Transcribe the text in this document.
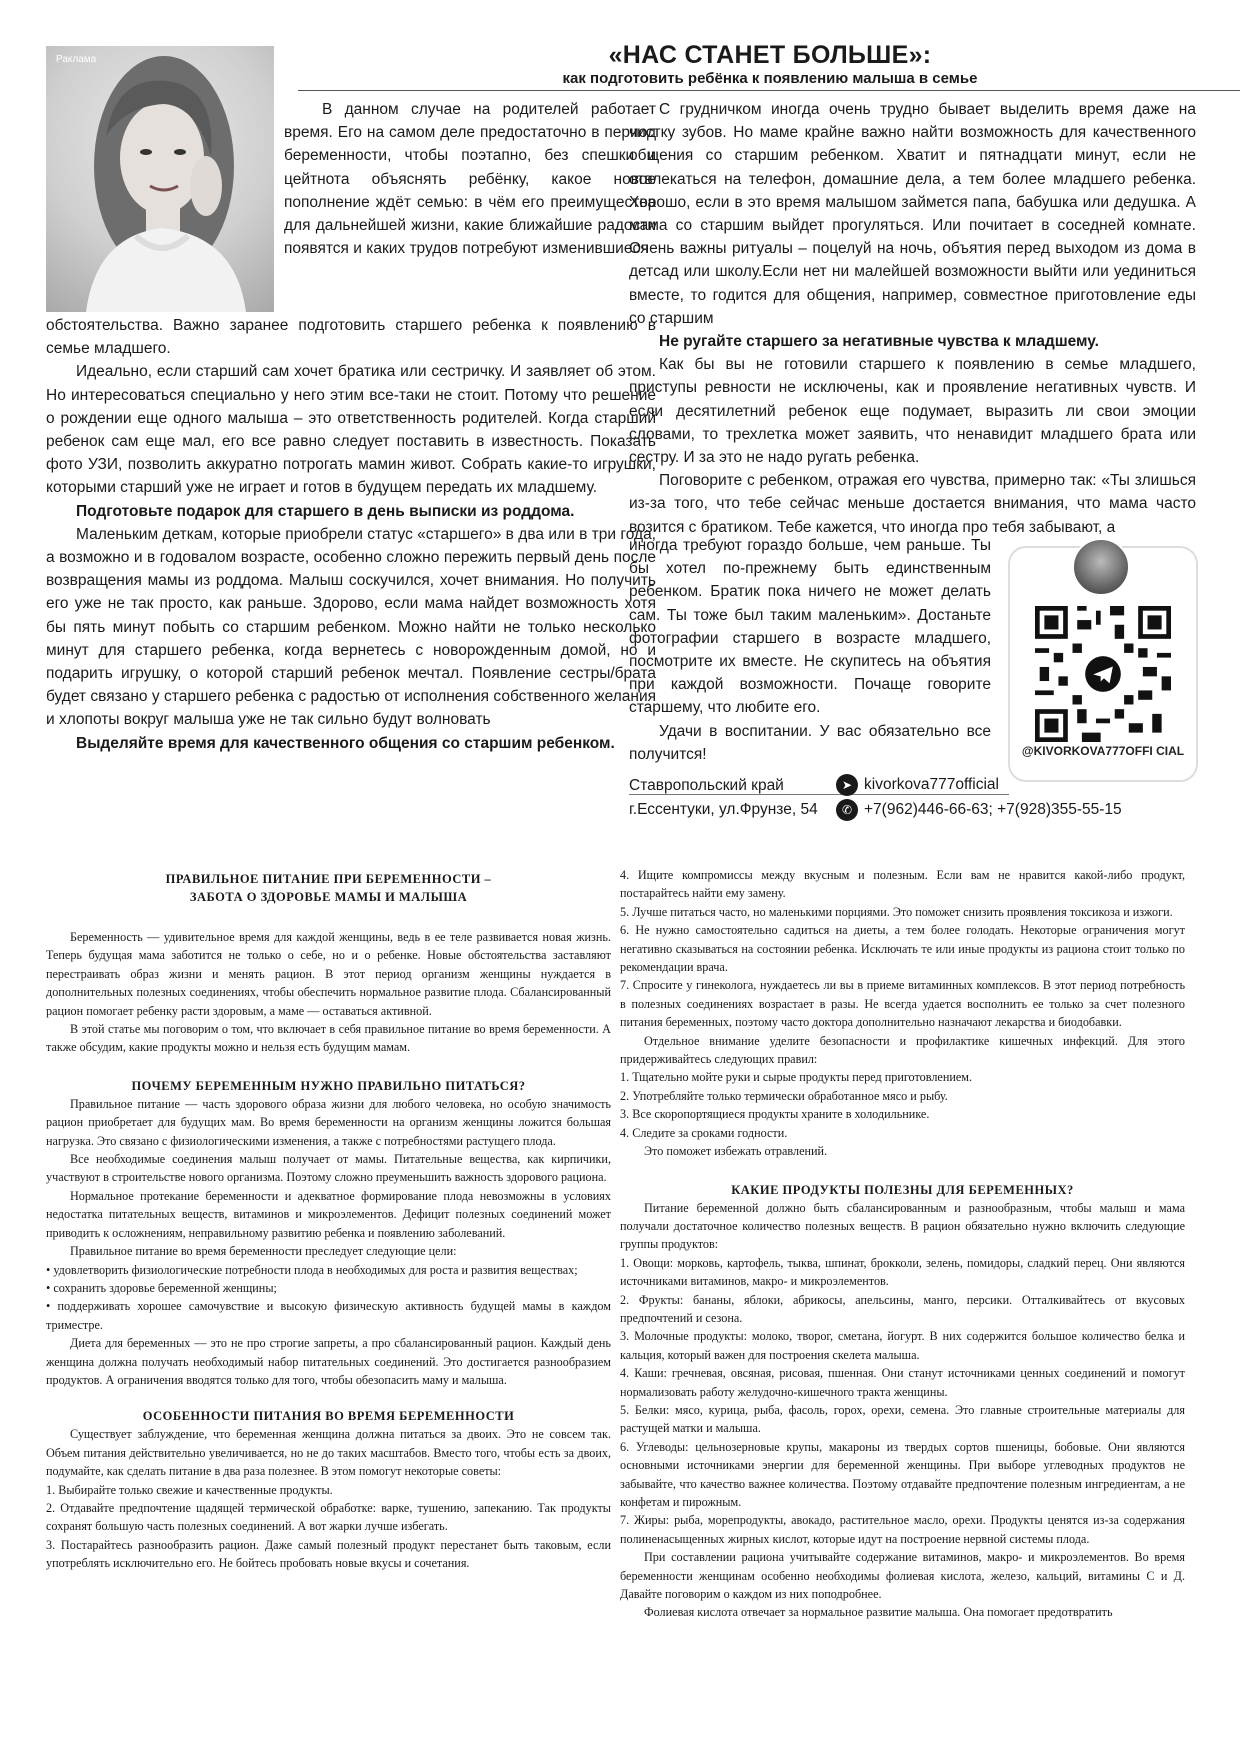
Раклама	«НАС СТАНЕТ БОЛЬШЕ»:
как подготовить ребёнка к появлению малыша в семье

В данном случае на родителей работает время. Его на самом деле предостаточно в период беременности, чтобы поэтапно, без спешки и цейтнота объяснять ребёнку, какое новое пополнение ждёт семью: в чём его преимущества для дальнейшей жизни, какие ближайшие радости появятся и каких трудов потребуют изменившиеся

обстоятельства. Важно заранее подготовить старшего ребенка к появлению в семье младшего.

Идеально, если старший сам хочет братика или сестричку. И заявляет об этом. Но интересоваться специально у него этим все-таки не стоит. Потому что решение о рождении еще одного малыша – это ответственность родителей. Когда старший ребенок сам еще мал, его все равно следует поставить в известность. Показать фото УЗИ, позволить аккуратно потрогать мамин живот. Собрать какие-то игрушки, которыми старший уже не играет и готов в будущем передать их младшему.

Подготовьте подарок для старшего в день выписки из роддома.

Маленьким деткам, которые приобрели статус «старшего» в два или в три года, а возможно и в годовалом возрасте, особенно сложно пережить первый день после возвращения мамы из роддома. Малыш соскучился, хочет внимания. Но получить его уже не так просто, как раньше. Здорово, если мама найдет возможность хотя бы пять минут побыть со старшим ребенком. Можно найти не только несколько минут для старшего ребенка, когда вернетесь с новорожденным домой, но и подарить игрушку, о которой старший ребенок мечтал. Появление сестры/брата будет связано у старшего ребенка с радостью от исполнения собственного желания и хлопоты вокруг малыша уже не так сильно будут волновать

Выделяйте время для качественного общения со старшим ребенком.

С грудничком иногда очень трудно бывает выделить время даже на чистку зубов. Но маме крайне важно найти возможность для качественного общения со старшим ребенком. Хватит и пятнадцати минут, если не отвлекаться на телефон, домашние дела, а тем более младшего ребенка. Хорошо, если в это время малышом займется папа, бабушка или дедушка. А мама со старшим выйдет прогуляться. Или почитает в соседней комнате. Очень важны ритуалы – поцелуй на ночь, объятия перед выходом из дома в детсад или школу.Если нет ни малейшей возможности выйти или уединиться вместе, то годится для общения, например, совместное приготовление еды со старшим

Не ругайте старшего за негативные чувства к младшему.

Как бы вы не готовили старшего к появлению в семье младшего, приступы ревности не исключены, как и проявление негативных чувств. И если десятилетний ребенок еще подумает, выразить ли свои эмоции словами, то трехлетка может заявить, что ненавидит младшего брата или сестру. И за это не надо ругать ребенка.

Поговорите с ребенком, отражая его чувства, примерно так: «Ты злишься из-за того, что тебе сейчас меньше достается внимания, что мама часто возится с братиком. Тебе кажется, что иногда про тебя забывают, а

иногда требуют гораздо больше, чем раньше. Ты бы хотел по-прежнему быть единственным ребенком. Братик пока ничего не может делать сам. Ты тоже был таким маленьким». Достаньте фотографии старшего в возрасте младшего, посмотрите их вместе. Не скупитесь на объятия при каждой возможности. Почаще говорите старшему, что любите его.

Удачи в воспитании. У вас обязательно все получится!	@KIVORKOVA777OFFI CIAL
Ставропольский край
г.Ессентуки, ул.Фрунзе, 54
➤ kivorkova777official
✆ +7(962)446-66-63; +7(928)355-55-15
ПРАВИЛЬНОЕ ПИТАНИЕ ПРИ БЕРЕМЕННОСТИ –
ЗАБОТА О ЗДОРОВЬЕ МАМЫ И МАЛЫША

Беременность — удивительное время для каждой женщины, ведь в ее теле развивается новая жизнь. Теперь будущая мама заботится не только о себе, но и о ребенке. Новые обстоятельства заставляют перестраивать образ жизни и менять рацион. В этот период организм женщины нуждается в дополнительных полезных соединениях, чтобы обеспечить нормальное развитие плода. Сбалансированный рацион помогает ребенку расти здоровым, а маме — оставаться активной.

В этой статье мы поговорим о том, что включает в себя правильное питание во время беременности. А также обсудим, какие продукты можно и нельзя есть будущим мамам.

ПОЧЕМУ БЕРЕМЕННЫМ НУЖНО ПРАВИЛЬНО ПИТАТЬСЯ?

Правильное питание — часть здорового образа жизни для любого человека, но особую значимость рацион приобретает для будущих мам. Во время беременности на организм женщины ложится большая нагрузка. Это связано с физиологическими изменения, а также с потребностями растущего плода.

Все необходимые соединения малыш получает от мамы. Питательные вещества, как кирпичики, участвуют в строительстве нового организма. Поэтому сложно преуменьшить важность здорового рациона.

Нормальное протекание беременности и адекватное формирование плода невозможны в условиях недостатка питательных веществ, витаминов и микроэлементов. Дефицит полезных соединений может приводить к осложнениям, неправильному развитию ребенка и появлению заболеваний.

Правильное питание во время беременности преследует следующие цели:

• удовлетворить физиологические потребности плода в необходимых для роста и развития веществах;

• сохранить здоровье беременной женщины;

• поддерживать хорошее самочувствие и высокую физическую активность будущей мамы в каждом триместре.

Диета для беременных — это не про строгие запреты, а про сбалансированный рацион. Каждый день женщина должна получать необходимый набор питательных соединений. Это достигается разнообразием продуктов. А ограничения вводятся только для того, чтобы обезопасить маму и малыша.

ОСОБЕННОСТИ ПИТАНИЯ ВО ВРЕМЯ БЕРЕМЕННОСТИ

Существует заблуждение, что беременная женщина должна питаться за двоих. Это не совсем так. Объем питания действительно увеличивается, но не до таких масштабов. Вместо того, чтобы есть за двоих, подумайте, как сделать питание в два раза полезнее. В этом помогут некоторые советы:

1. Выбирайте только свежие и качественные продукты.

2. Отдавайте предпочтение щадящей термической обработке: варке, тушению, запеканию. Так продукты сохранят большую часть полезных соединений. А вот жарки лучше избегать.

3. Постарайтесь разнообразить рацион. Даже самый полезный продукт перестанет быть таковым, если употреблять исключительно его. Не бойтесь пробовать новые вкусы и сочетания.

4. Ищите компромиссы между вкусным и полезным. Если вам не нравится какой-либо продукт, постарайтесь найти ему замену.

5. Лучше питаться часто, но маленькими порциями. Это поможет снизить проявления токсикоза и изжоги.

6. Не нужно самостоятельно садиться на диеты, а тем более голодать. Некоторые ограничения могут негативно сказываться на состоянии ребенка. Исключать те или иные продукты из рациона стоит только по рекомендации врача.

7. Спросите у гинеколога, нуждаетесь ли вы в приеме витаминных комплексов. В этот период потребность в полезных соединениях возрастает в разы. Не всегда удается восполнить ее только за счет полезного питания беременных, поэтому часто доктора дополнительно назначают лекарства и биодобавки.

Отдельное внимание уделите безопасности и профилактике кишечных инфекций. Для этого придерживайтесь следующих правил:

1. Тщательно мойте руки и сырые продукты перед приготовлением.

2. Употребляйте только термически обработанное мясо и рыбу.

3. Все скоропортящиеся продукты храните в холодильнике.

4. Следите за сроками годности.

Это поможет избежать отравлений.

КАКИЕ ПРОДУКТЫ ПОЛЕЗНЫ ДЛЯ БЕРЕМЕННЫХ?

Питание беременной должно быть сбалансированным и разнообразным, чтобы малыш и мама получали достаточное количество полезных веществ. В рацион обязательно нужно включить следующие группы продуктов:

1. Овощи: морковь, картофель, тыква, шпинат, брокколи, зелень, помидоры, сладкий перец. Они являются источниками витаминов, макро- и микроэлементов.

2. Фрукты: бананы, яблоки, абрикосы, апельсины, манго, персики. Отталкивайтесь от вкусовых предпочтений и сезона.

3. Молочные продукты: молоко, творог, сметана, йогурт. В них содержится большое количество белка и кальция, который важен для построения скелета малыша.

4. Каши: гречневая, овсяная, рисовая, пшенная. Они станут источниками ценных соединений и помогут нормализовать работу желудочно-кишечного тракта женщины.

5. Белки: мясо, курица, рыба, фасоль, горох, орехи, семена. Это главные строительные материалы для растущей матки и малыша.

6. Углеводы: цельнозерновые крупы, макароны из твердых сортов пшеницы, бобовые. Они являются основными источниками энергии для беременной женщины. При выборе углеводных продуктов не забывайте, что качество важнее количества. Поэтому отдавайте предпочтение полезным ингредиентам, а не конфетам и пирожным.

7. Жиры: рыба, морепродукты, авокадо, растительное масло, орехи. Продукты ценятся из-за содержания полиненасыщенных жирных кислот, которые идут на построение нервной системы плода.

При составлении рациона учитывайте содержание витаминов, макро- и микроэлементов. Во время беременности женщинам особенно необходимы фолиевая кислота, железо, кальций, витамины С и Д. Давайте поговорим о каждом из них поподробнее.

Фолиевая кислота отвечает за нормальное развитие малыша. Она помогает предотвратить
